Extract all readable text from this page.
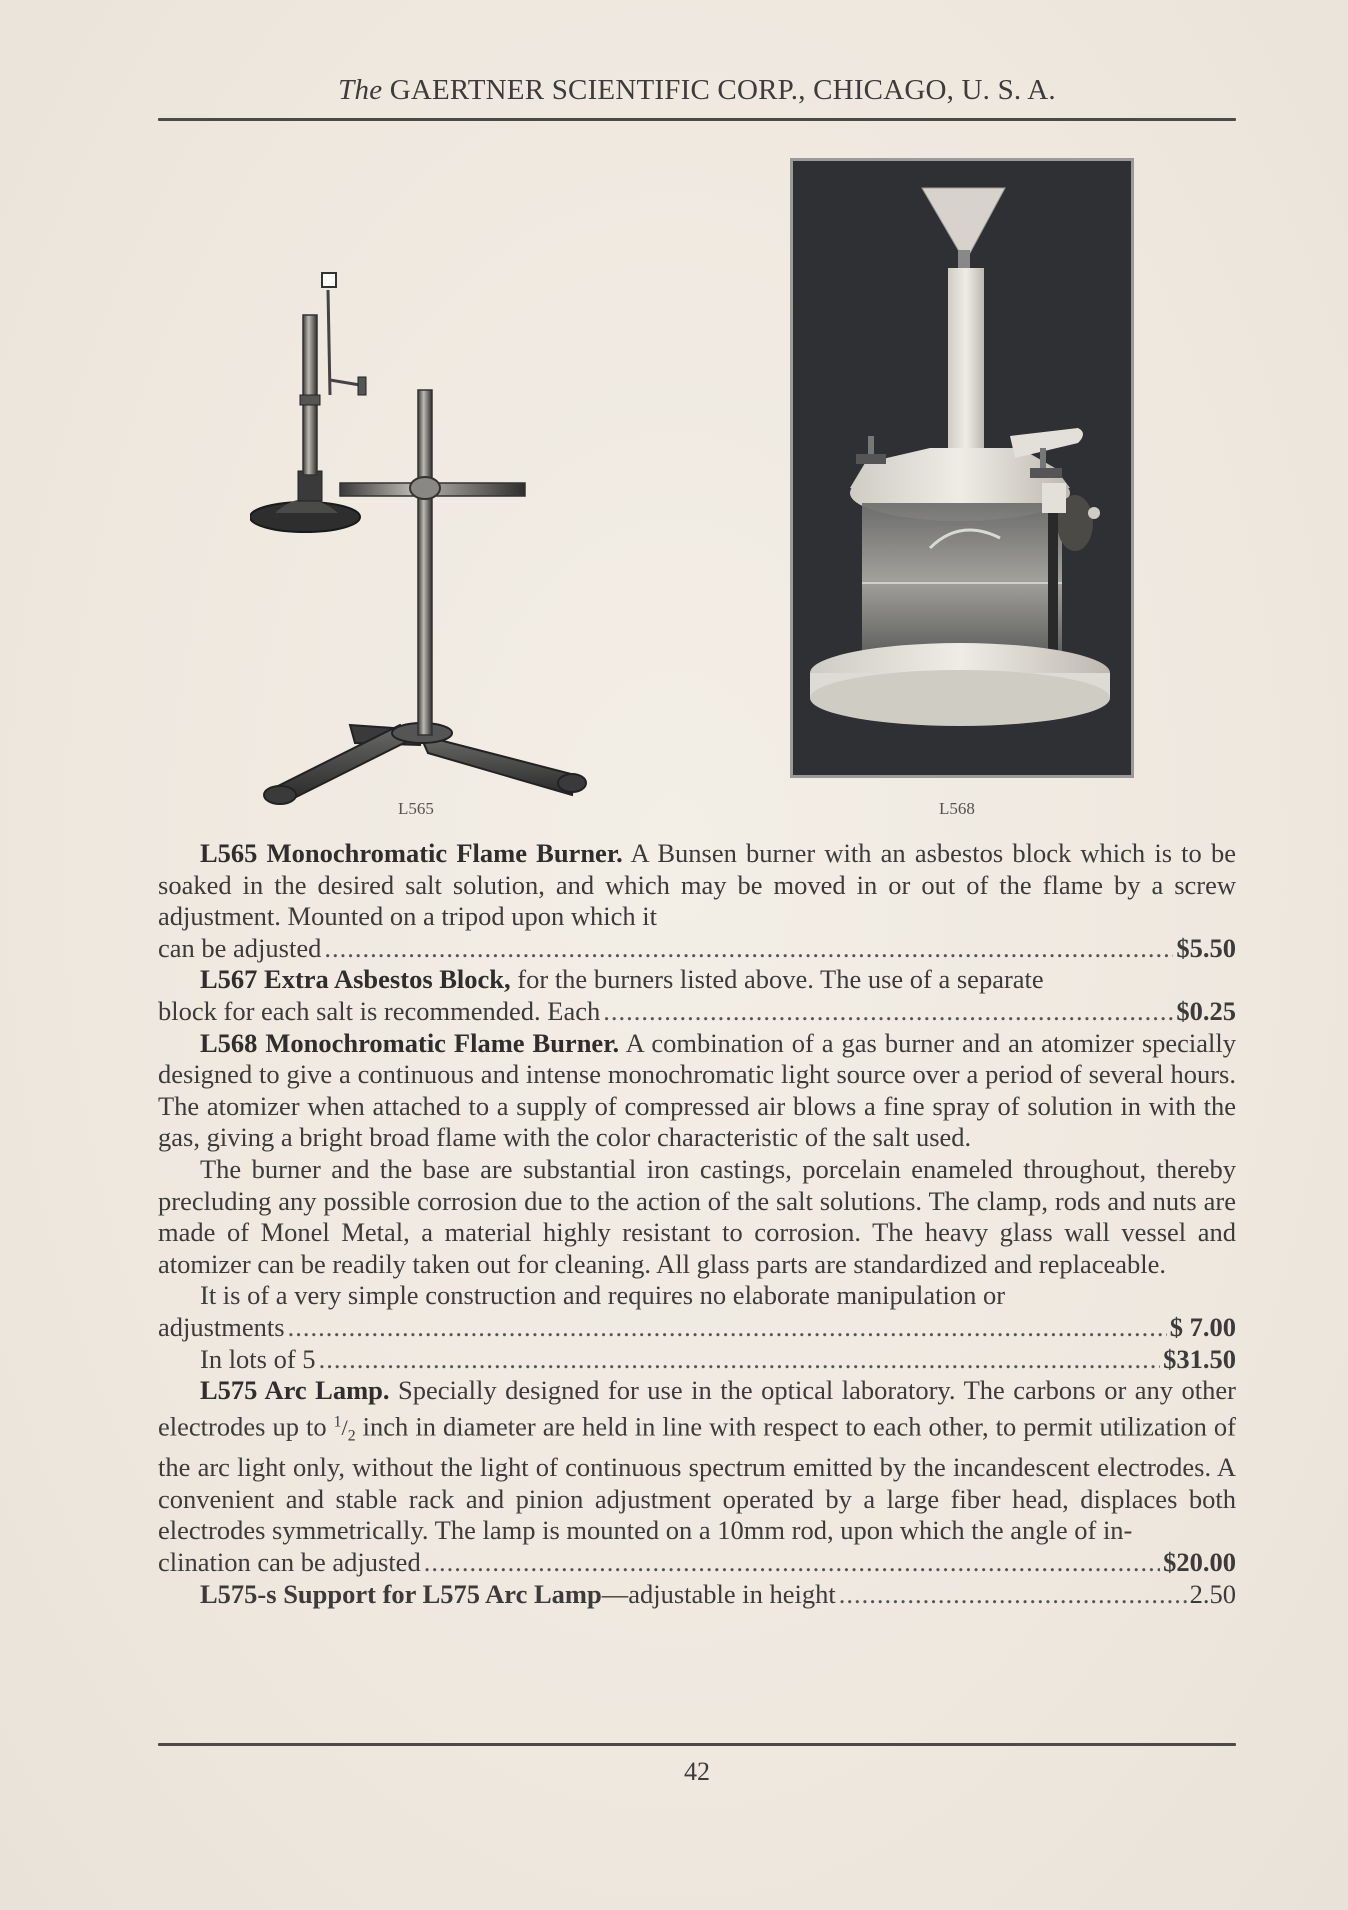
The GAERTNER SCIENTIFIC CORP., CHICAGO, U. S. A.
L565	L568

L565 Monochromatic Flame Burner. A Bunsen burner with an asbestos block which is to be soaked in the desired salt solution, and which may be moved in or out of the flame by a screw adjustment. Mounted on a tripod upon which it

can be adjusted .....	$5.50

L567 Extra Asbestos Block, for the burners listed above. The use of a separate

block for each salt is recommended. Each .....	$0.25

L568 Monochromatic Flame Burner. A combination of a gas burner and an atomizer specially designed to give a continuous and intense monochromatic light source over a period of several hours. The atomizer when attached to a supply of compressed air blows a fine spray of solution in with the gas, giving a bright broad flame with the color characteristic of the salt used.

The burner and the base are substantial iron castings, porcelain enameled throughout, thereby precluding any possible corrosion due to the action of the salt solutions. The clamp, rods and nuts are made of Monel Metal, a material highly resistant to corrosion. The heavy glass wall vessel and atomizer can be readily taken out for cleaning. All glass parts are standardized and replaceable.

It is of a very simple construction and requires no elaborate manipulation or

adjustments .....	$ 7.00

In lots of 5 .....	$31.50

L575 Arc Lamp. Specially designed for use in the optical laboratory. The carbons or any other electrodes up to $^1/_2$ inch in diameter are held in line with respect to each other, to permit utilization of the arc light only, without the light of continuous spectrum emitted by the incandescent electrodes. A convenient and stable rack and pinion adjustment operated by a large fiber head, displaces both electrodes symmetrically. The lamp is mounted on a 10mm rod, upon which the angle of in-

clination can be adjusted .....	$20.00

L575-s Support for L575 Arc Lamp—adjustable in height .....	2.50

42
